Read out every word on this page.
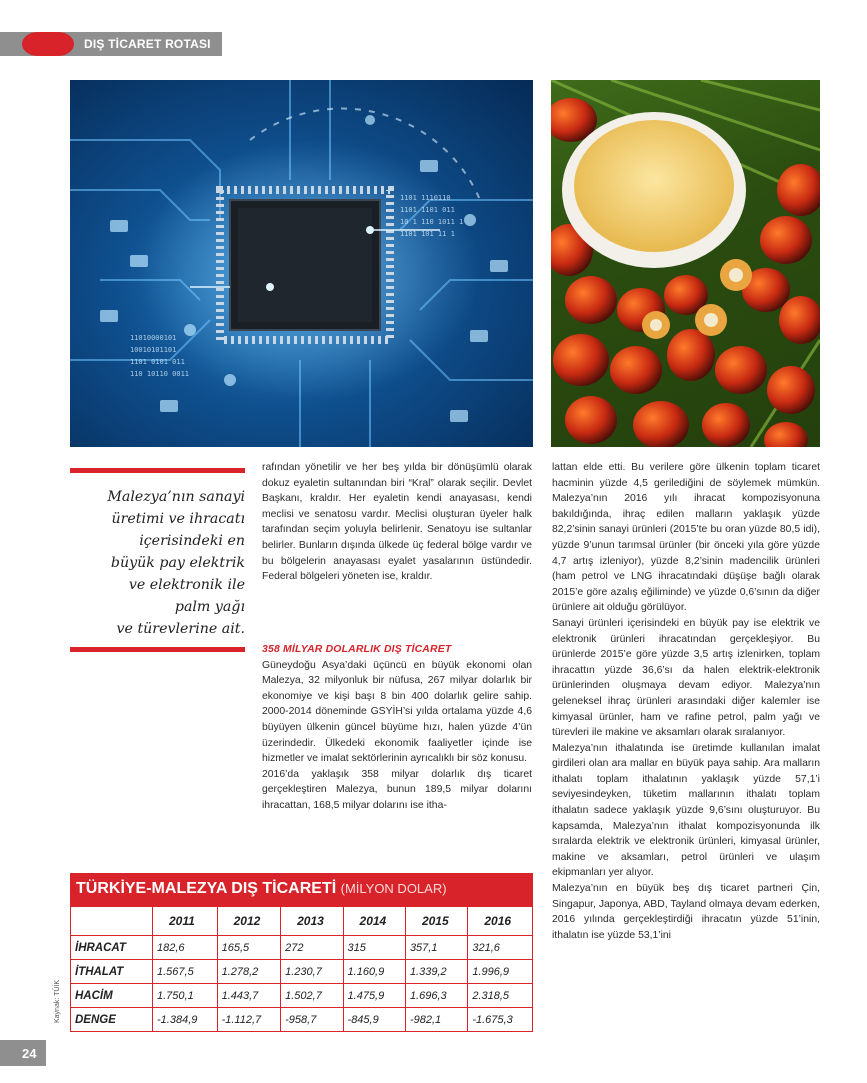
DIŞ TİCARET ROTASI
11010000101
10010101101
1101 0101 011
110 10110 0011
1101 1110110
1101 1101 011
10 1 110 1011 1
1101 101 11 1
Malezya’nın sanayi
üretimi ve ihracatı
içerisindeki en
büyük pay elektrik
ve elektronik ile
palm yağı
ve türevlerine ait.

rafından yönetilir ve her beş yılda bir dönüşümlü olarak dokuz eyaletin sultanından biri “Kral” olarak seçilir. Devlet Başkanı, kraldır. Her eyaletin kendi anayasası, kendi meclisi ve senatosu vardır. Meclisi oluşturan üyeler halk tarafından seçim yoluyla belirlenir. Senatoyu ise sultanlar belirler. Bunların dışında ülkede üç federal bölge vardır ve bu bölgelerin anayasası eyalet yasalarının üstündedir. Federal bölgeleri yöneten ise, kraldır.

358 MİLYAR DOLARLIK DIŞ TİCARET

Güneydoğu Asya’daki üçüncü en büyük ekonomi olan Malezya, 32 milyonluk bir nüfusa, 267 milyar dolarlık bir ekonomiye ve kişi başı 8 bin 400 dolarlık gelire sahip. 2000-2014 döneminde GSYİH’si yılda ortalama yüzde 4,6 büyüyen ülkenin güncel büyüme hızı, halen yüzde 4’ün üzerindedir. Ülkedeki ekonomik faaliyetler içinde ise hizmetler ve imalat sektörlerinin ayrıcalıklı bir söz konusu.

2016’da yaklaşık 358 milyar dolarlık dış ticaret gerçekleştiren Malezya, bunun 189,5 milyar dolarını ihracattan, 168,5 milyar dolarını ise itha-

lattan elde etti. Bu verilere göre ülkenin toplam ticaret hacminin yüzde 4,5 gerilediğini de söylemek mümkün. Malezya’nın 2016 yılı ihracat kompozisyonuna bakıldığında, ihraç edilen malların yaklaşık yüzde 82,2’sinin sanayi ürünleri (2015’te bu oran yüzde 80,5 idi), yüzde 9’unun tarımsal ürünler (bir önceki yıla göre yüzde 4,7 artış izleniyor), yüzde 8,2’sinin madencilik ürünleri (ham petrol ve LNG ihracatındaki düşüşe bağlı olarak 2015’e göre azalış eğiliminde) ve yüzde 0,6’sının da diğer ürünlere ait olduğu görülüyor.

Sanayi ürünleri içerisindeki en büyük pay ise elektrik ve elektronik ürünleri ihracatından gerçekleşiyor. Bu ürünlerde 2015’e göre yüzde 3,5 artış izlenirken, toplam ihracattın yüzde 36,6’sı da halen elektrik-elektronik ürünlerinden oluşmaya devam ediyor. Malezya’nın geleneksel ihraç ürünleri arasındaki diğer kalemler ise kimyasal ürünler, ham ve rafine petrol, palm yağı ve türevleri ile makine ve aksamları olarak sıralanıyor.

Malezya’nın ithalatında ise üretimde kullanılan imalat girdileri olan ara mallar en büyük paya sahip. Ara malların ithalatı toplam ithalatının yaklaşık yüzde 57,1’i seviyesindeyken, tüketim mallarının ithalatı toplam ithalatın sadece yaklaşık yüzde 9,6’sını oluşturuyor. Bu kapsamda, Malezya’nın ithalat kompozisyonunda ilk sıralarda elektrik ve elektronik ürünleri, kimyasal ürünler, makine ve aksamları, petrol ürünleri ve ulaşım ekipmanları yer alıyor.

Malezya’nın en büyük beş dış ticaret partneri Çin, Singapur, Japonya, ABD, Tayland olmaya devam ederken, 2016 yılında gerçekleştirdiği ihracatın yüzde 51’inin, ithalatın ise yüzde 53,1’ini

TÜRKİYE-MALEZYA DIŞ TİCARETİ (MİLYON DOLAR)
	2011	2012	2013	2014	2015	2016
İHRACAT	182,6	165,5	272	315	357,1	321,6
İTHALAT	1.567,5	1.278,2	1.230,7	1.160,9	1.339,2	1.996,9
HACİM	1.750,1	1.443,7	1.502,7	1.475,9	1.696,3	2.318,5
DENGE	-1.384,9	-1.112,7	-958,7	-845,9	-982,1	-1.675,3
Kaynak: TÜİK
24
